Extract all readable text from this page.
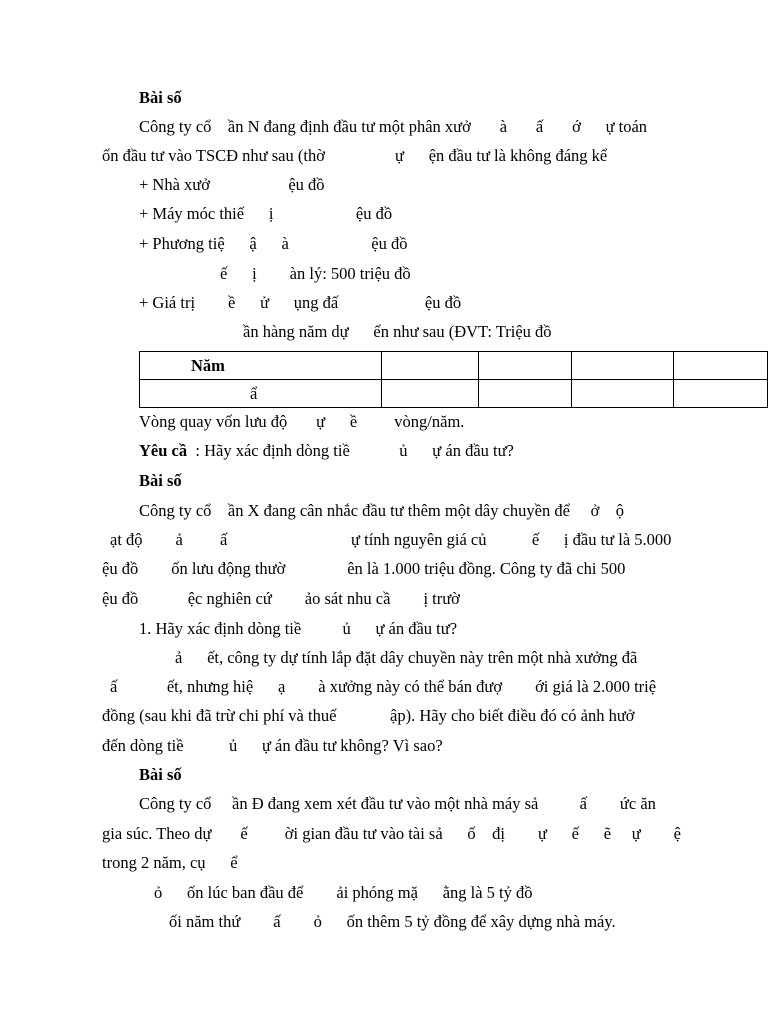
Bài số
Công ty cổ    ần N đang định đầu tư một phân xưở       à       ấ       ớ      ự toán
ốn đầu tư vào TSCĐ như sau (thờ                 ự      ện đầu tư là không đáng kể
+ Nhà xưở                   ệu đồ
+ Máy móc thiế      ị                    ệu đồ
+ Phương tiệ      ậ      à                    ệu đồ
ế      ị        àn lý: 500 triệu đồ
+ Giá trị        ề      ử      ụng đấ                     ệu đồ
ần hàng năm dự      ến như sau (ĐVT: Triệu đồ
Năm				
ẩ				
Vòng quay vốn lưu độ       ự      ề         vòng/năm.
Yêu cầ  : Hãy xác định dòng tiề            ủ      ự án đầu tư?
Bài số
Công ty cổ    ần X đang cân nhắc đầu tư thêm một dây chuyền để     ở    ộ
ạt độ        ả         ấ                              ự tính nguyên giá củ           ế      ị đầu tư là 5.000
ệu đồ        ốn lưu động thườ               ên là 1.000 triệu đồng. Công ty đã chi 500
ệu đồ            ệc nghiên cứ        ảo sát nhu cầ        ị trườ
1. Hãy xác định dòng tiề          ủ      ự án đầu tư?
ả      ết, công ty dự tính lắp đặt dây chuyền này trên một nhà xưởng đã
ấ            ết, nhưng hiệ      ạ        à xưởng này có thể bán đượ        ới giá là 2.000 triệ
đồng (sau khi đã trừ chi phí và thuế             ập). Hãy cho biết điều đó có ảnh hưở
đến dòng tiề           ủ      ự án đầu tư không? Vì sao?
Bài số
Công ty cổ     ần Đ đang xem xét đầu tư vào một nhà máy sả          ấ        ức ăn
gia súc. Theo dự       ế         ời gian đầu tư vào tài sả      ố    đị        ự      ế      ẽ     ự        ệ
trong 2 năm, cụ      ể
ỏ      ốn lúc ban đầu để        ải phóng mặ      ằng là 5 tỷ đồ
ối năm thứ        ấ        ỏ      ốn thêm 5 tỷ đồng để xây dựng nhà máy.
